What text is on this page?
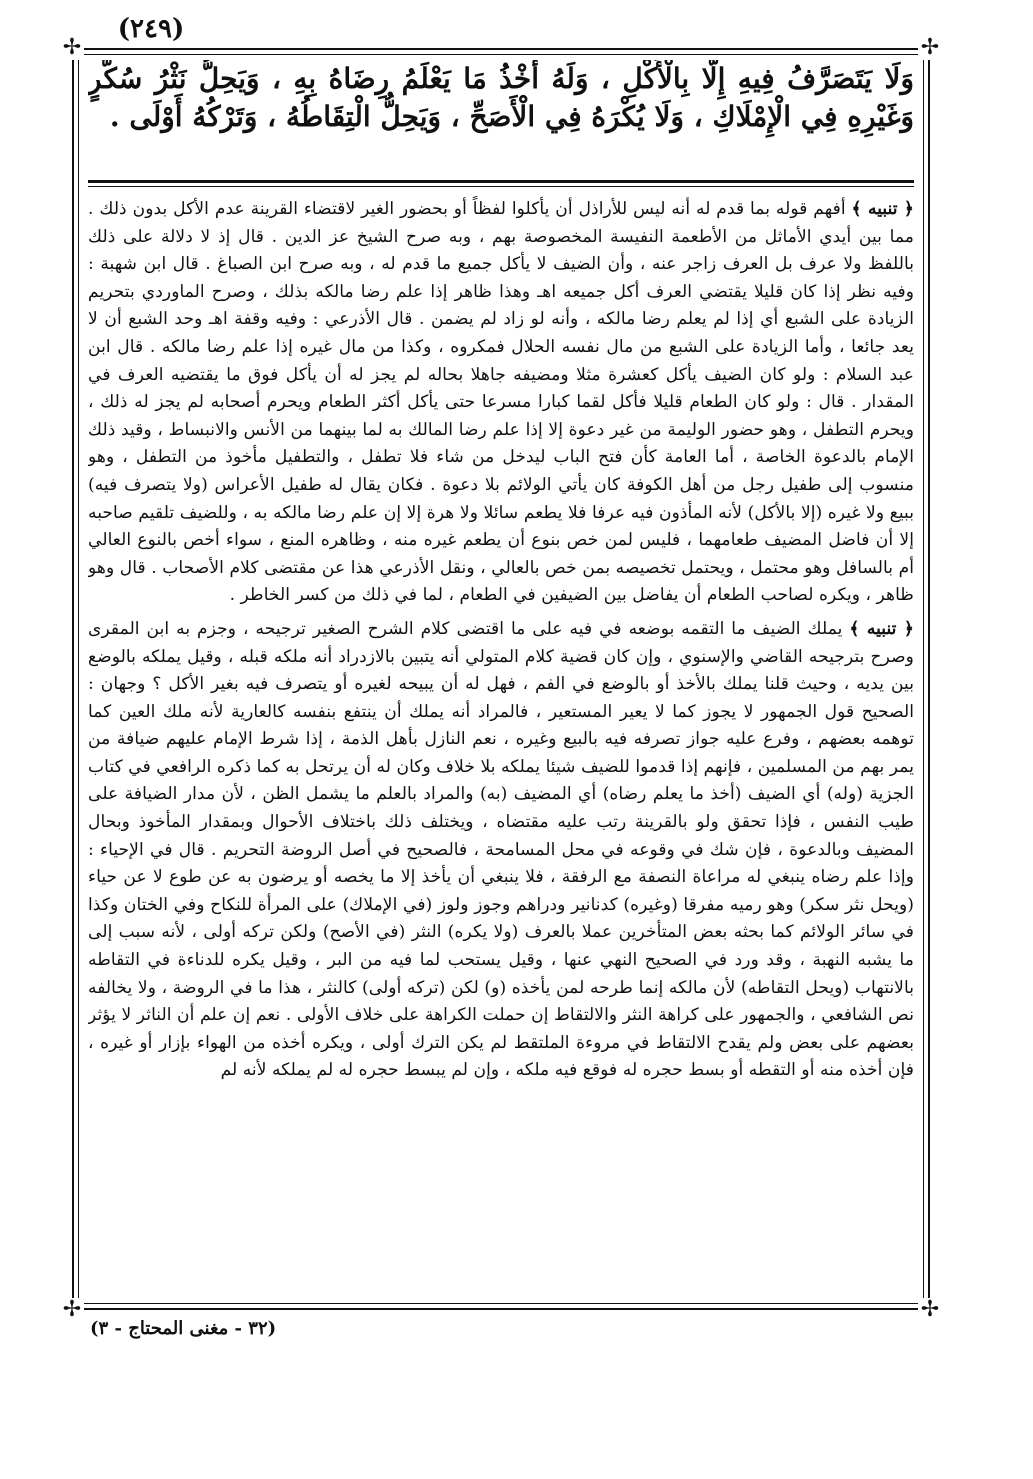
(٢٤٩)
✢	✢
✢	✢
وَلَا يَتَصَرَّفُ فِيهِ إِلَّا بِالْأَكْلِ ، وَلَهُ أَخْذُ مَا يَعْلَمُ رِضَاهُ بِهِ ، وَيَحِلُّ نَثْرُ سُكَّرٍ وَغَيْرِهِ فِي الْإِمْلَاكِ ، وَلَا يُكْرَهُ فِي الْأَصَحِّ ، وَيَحِلُّ الْتِقَاطُهُ ، وَتَرْكُهُ أَوْلَى .

﴿ تنبيه ﴾ أفهم قوله بما قدم له أنه ليس للأراذل أن يأكلوا لفظاً أو بحضور الغير لاقتضاء القرينة عدم الأكل بدون ذلك . مما بين أيدي الأماثل من الأطعمة النفيسة المخصوصة بهم ، وبه صرح الشيخ عز الدين . قال إذ لا دلالة على ذلك باللفظ ولا عرف بل العرف زاجر عنه ، وأن الضيف لا يأكل جميع ما قدم له ، وبه صرح ابن الصباغ . قال ابن شهبة : وفيه نظر إذا كان قليلا يقتضي العرف أكل جميعه اهـ وهذا ظاهر إذا علم رضا مالكه بذلك ، وصرح الماوردي بتحريم الزيادة على الشبع أي إذا لم يعلم رضا مالكه ، وأنه لو زاد لم يضمن . قال الأذرعي : وفيه وقفة اهـ وحد الشبع أن لا يعد جائعا ، وأما الزيادة على الشبع من مال نفسه الحلال فمكروه ، وكذا من مال غيره إذا علم رضا مالكه . قال ابن عبد السلام : ولو كان الضيف يأكل كعشرة مثلا ومضيفه جاهلا بحاله لم يجز له أن يأكل فوق ما يقتضيه العرف في المقدار . قال : ولو كان الطعام قليلا فأكل لقما كبارا مسرعا حتى يأكل أكثر الطعام ويحرم أصحابه لم يجز له ذلك ، ويحرم التطفل ، وهو حضور الوليمة من غير دعوة إلا إذا علم رضا المالك به لما بينهما من الأنس والانبساط ، وقيد ذلك الإمام بالدعوة الخاصة ، أما العامة كأن فتح الباب ليدخل من شاء فلا تطفل ، والتطفيل مأخوذ من التطفل ، وهو منسوب إلى طفيل رجل من أهل الكوفة كان يأتي الولائم بلا دعوة . فكان يقال له طفيل الأعراس (ولا يتصرف فيه) ببيع ولا غيره (إلا بالأكل) لأنه المأذون فيه عرفا فلا يطعم سائلا ولا هرة إلا إن علم رضا مالكه به ، وللضيف تلقيم صاحبه إلا أن فاضل المضيف طعامهما ، فليس لمن خص بنوع أن يطعم غيره منه ، وظاهره المنع ، سواء أخص بالنوع العالي أم بالسافل وهو محتمل ، ويحتمل تخصيصه بمن خص بالعالي ، ونقل الأذرعي هذا عن مقتضى كلام الأصحاب . قال وهو ظاهر ، ويكره لصاحب الطعام أن يفاضل بين الضيفين في الطعام ، لما في ذلك من كسر الخاطر .

﴿ تنبيه ﴾ يملك الضيف ما التقمه بوضعه في فيه على ما اقتضى كلام الشرح الصغير ترجيحه ، وجزم به ابن المقرى وصرح بترجيحه القاضي والإسنوي ، وإن كان قضية كلام المتولي أنه يتبين بالازدراد أنه ملكه قبله ، وقيل يملكه بالوضع بين يديه ، وحيث قلنا يملك بالأخذ أو بالوضع في الفم ، فهل له أن يبيحه لغيره أو يتصرف فيه بغير الأكل ؟ وجهان : الصحيح قول الجمهور لا يجوز كما لا يعير المستعير ، فالمراد أنه يملك أن ينتفع بنفسه كالعارية لأنه ملك العين كما توهمه بعضهم ، وفرع عليه جواز تصرفه فيه بالبيع وغيره ، نعم النازل بأهل الذمة ، إذا شرط الإمام عليهم ضيافة من يمر بهم من المسلمين ، فإنهم إذا قدموا للضيف شيئا يملكه بلا خلاف وكان له أن يرتحل به كما ذكره الرافعي في كتاب الجزية (وله) أي الضيف (أخذ ما يعلم رضاه) أي المضيف (به) والمراد بالعلم ما يشمل الظن ، لأن مدار الضيافة على طيب النفس ، فإذا تحقق ولو بالقرينة رتب عليه مقتضاه ، ويختلف ذلك باختلاف الأحوال وبمقدار المأخوذ وبحال المضيف وبالدعوة ، فإن شك في وقوعه في محل المسامحة ، فالصحيح في أصل الروضة التحريم . قال في الإحياء : وإذا علم رضاه ينبغي له مراعاة النصفة مع الرفقة ، فلا ينبغي أن يأخذ إلا ما يخصه أو يرضون به عن طوع لا عن حياء (ويحل نثر سكر) وهو رميه مفرقا (وغيره) كدنانير ودراهم وجوز ولوز (في الإملاك) على المرأة للنكاح وفي الختان وكذا في سائر الولائم كما بحثه بعض المتأخرين عملا بالعرف (ولا يكره) النثر (في الأصح) ولكن تركه أولى ، لأنه سبب إلى ما يشبه النهبة ، وقد ورد في الصحيح النهي عنها ، وقيل يستحب لما فيه من البر ، وقيل يكره للدناءة في التقاطه بالانتهاب (ويحل التقاطه) لأن مالكه إنما طرحه لمن يأخذه (و) لكن (تركه أولى) كالنثر ، هذا ما في الروضة ، ولا يخالفه نص الشافعي ، والجمهور على كراهة النثر والالتقاط إن حملت الكراهة على خلاف الأولى . نعم إن علم أن الناثر لا يؤثر بعضهم على بعض ولم يقدح الالتقاط في مروءة الملتقط لم يكن الترك أولى ، ويكره أخذه من الهواء بإزار أو غيره ، فإن أخذه منه أو التقطه أو بسط حجره له فوقع فيه ملكه ، وإن لم يبسط حجره له لم يملكه لأنه لم

(٣٢ - مغنى المحتاج - ٣)
